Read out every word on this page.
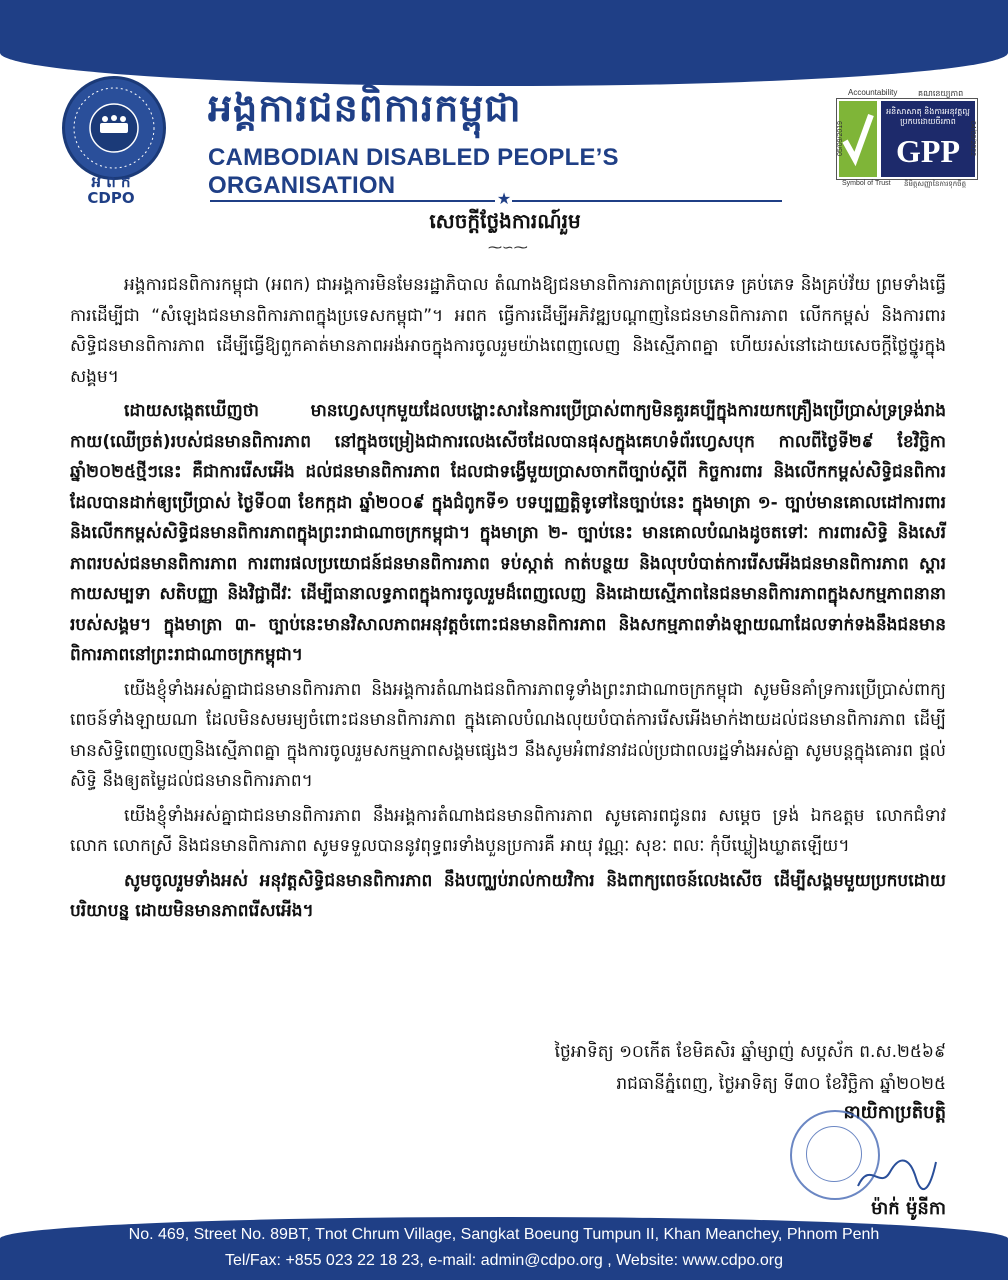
អ ព ក
CDPO
អង្គការជនពិការកម្ពុជា
CAMBODIAN DISABLED PEOPLE’S ORGANISATION
Accountability	គណនេយ្យភាព
អនិសាសាតុ និងការអនុវត្តល្អ ប្រកបដោយចីរភាព
GPP
05/09/2019	04/09/2022
Symbol of Trust និមិត្តសញ្ញានៃការទុកចិត្ត
★
សេចក្តីថ្លែងការណ៍រួម
⁓∽⁓

អង្គការជនពិការកម្ពុជា (អពក) ជាអង្គការមិនមែនរដ្ឋាភិបាល តំណាងឱ្យជនមានពិការភាពគ្រប់ប្រភេទ គ្រប់ភេទ និងគ្រប់វ័យ ព្រមទាំងធ្វើការដើម្បីជា “សំឡេងជនមានពិការភាពក្នុងប្រទេសកម្ពុជា”។ អពក ធ្វើការដើម្បីអភិវឌ្ឍបណ្តាញនៃជនមានពិការភាព លើកកម្ពស់ និងការពារសិទ្ធិជនមានពិការភាព ដើម្បីធ្វើឱ្យពួកគាត់មានភាពអង់អាចក្នុងការចូលរួមយ៉ាងពេញលេញ និងស្មើភាពគ្នា ហើយរស់នៅដោយសេចក្តីថ្លៃថ្នូរក្នុងសង្គម។

ដោយសង្កេតឃើញថា មានហ្វេសបុកមួយដែលបង្ហោះសារនៃការប្រើប្រាស់ពាក្យមិនគួរគប្បីក្នុងការយកគ្រឿងប្រើប្រាស់ទ្រទ្រង់រាងកាយ(ឈើច្រត់)របស់ជនមានពិការភាព នៅក្នុងចម្រៀងជាការលេងសើចដែលបានផុសក្នុងគេហទំព័រហ្វេសបុក កាលពីថ្ងៃទី២៩ ខែវិច្ឆិកា ឆ្នាំ២០២៥ថ្មីៗនេះ គឺជាការរើសអើង ដល់ជនមានពិការភាព ដែលជាទង្វើមួយប្រាសចាកពីច្បាប់ស្តីពី កិច្ចការពារ និងលើកកម្ពស់សិទ្ធិជនពិការ ដែលបានដាក់ឲ្យប្រើប្រាស់ ថ្ងៃទី០៣ ខែកក្កដា ឆ្នាំ២០០៩ ក្នុងជំពូកទី១ បទប្បញ្ញត្តិទូទៅនៃច្បាប់នេះ ក្នុងមាត្រា ១- ច្បាប់មានគោលដៅការពារ និងលើកកម្ពស់សិទ្ធិជនមានពិការភាពក្នុងព្រះរាជាណាចក្រកម្ពុជា។ ក្នុងមាត្រា ២- ច្បាប់នេះ មានគោលបំណងដូចតទៅៈ ការពារសិទ្ធិ និងសេរីភាពរបស់ជនមានពិការភាព ការពារផលប្រយោជន៍ជនមានពិការភាព ទប់ស្កាត់ កាត់បន្ថយ និងលុបបំបាត់ការរើសអើងជនមានពិការភាព ស្តារកាយសម្បទា សតិបញ្ញា និងវិជ្ជាជីវៈ ដើម្បីធានាលទ្ធភាពក្នុងការចូលរួមដ៏ពេញលេញ និងដោយស្មើភាពនៃជនមានពិការភាពក្នុងសកម្មភាពនានារបស់សង្គម។ ក្នុងមាត្រា ៣- ច្បាប់នេះមានវិសាលភាពអនុវត្តចំពោះជនមានពិការភាព និងសកម្មភាពទាំងឡាយណាដែលទាក់ទងនឹងជនមានពិការភាពនៅព្រះរាជាណាចក្រកម្ពុជា។

យើងខ្ញុំទាំងអស់គ្នាជាជនមានពិការភាព និងអង្គការតំណាងជនពិការភាពទូទាំងព្រះរាជាណាចក្រកម្ពុជា សូមមិនគាំទ្រការប្រើប្រាស់ពាក្យពេចន៍ទាំងឡាយណា ដែលមិនសមរម្យចំពោះជនមានពិការភាព ក្នុងគោលបំណងលុយបំបាត់ការរើសអើងមាក់ងាយដល់ជនមានពិការភាព ដើម្បីមានសិទ្ធិពេញលេញនិងស្មើភាពគ្នា ក្នុងការចូលរួមសកម្មភាពសង្គមផ្សេងៗ នឹងសូមអំពាវនាវដល់ប្រជាពលរដ្ឋទាំងអស់គ្នា សូមបន្តក្នុងគោរព ផ្តល់សិទ្ធិ នឹងឲ្យតម្លៃដល់ជនមានពិការភាព។

យើងខ្ញុំទាំងអស់គ្នាជាជនមានពិការភាព នឹងអង្គការតំណាងជនមានពិការភាព សូមគោរពជូនពរ សម្តេច ទ្រង់ ឯកឧត្តម លោកជំទាវ លោក លោកស្រី និងជនមានពិការភាព សូមទទួលបាននូវពុទ្ធពរទាំងបួនប្រការគឺ អាយុ វណ្ណៈ សុខៈ ពលៈ កុំបីឃ្លៀងឃ្លាតឡើយ។

សូមចូលរួមទាំងអស់ អនុវត្តសិទ្ធិជនមានពិការភាព នឹងបញ្ឈប់រាល់កាយវិការ និងពាក្យពេចន៍លេងសើច ដើម្បីសង្គមមួយប្រកបដោយបរិយាបន្ន ដោយមិនមានភាពរើសអើង។

ថ្ងៃអាទិត្យ ១០កើត ខែមិគសិរ ឆ្នាំម្សាញ់ សប្តស័ក ព.ស.២៥៦៩
រាជធានីភ្នំពេញ, ថ្ងៃអាទិត្យ ទី៣០ ខែវិច្ឆិកា ឆ្នាំ២០២៥
នាយិកាប្រតិបត្តិ
ម៉ាក់ ម៉ូនីកា
No. 469, Street No. 89BT, Tnot Chrum Village, Sangkat Boeung Tumpun II, Khan Meanchey, Phnom Penh
Tel/Fax: +855 023 22 18 23, e-mail: admin@cdpo.org , Website: www.cdpo.org
